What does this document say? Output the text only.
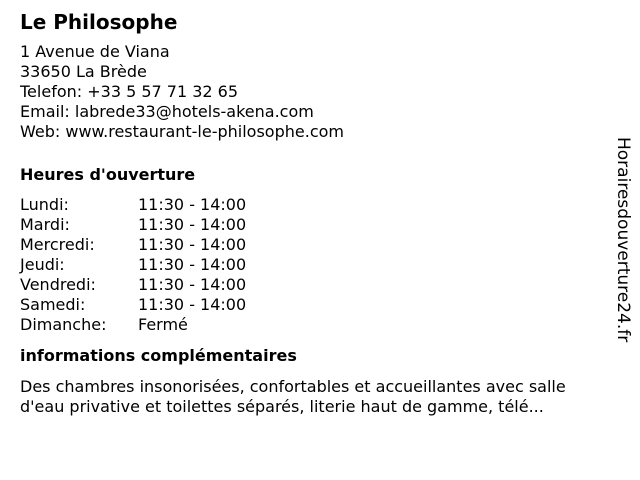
Le Philosophe
1 Avenue de Viana
33650 La Brède
Telefon: +33 5 57 71 32 65
Email: labrede33@hotels-akena.com
Web: www.restaurant-le-philosophe.com
Heures d'ouverture
Lundi:	11:30 - 14:00
Mardi:	11:30 - 14:00
Mercredi:	11:30 - 14:00
Jeudi:	11:30 - 14:00
Vendredi:	11:30 - 14:00
Samedi:	11:30 - 14:00
Dimanche:	Fermé
informations complémentaires
Des chambres insonorisées, confortables et accueillantes avec salle d'eau privative et toilettes séparés, literie haut de gamme, télé...
Horairesdouverture24.fr
